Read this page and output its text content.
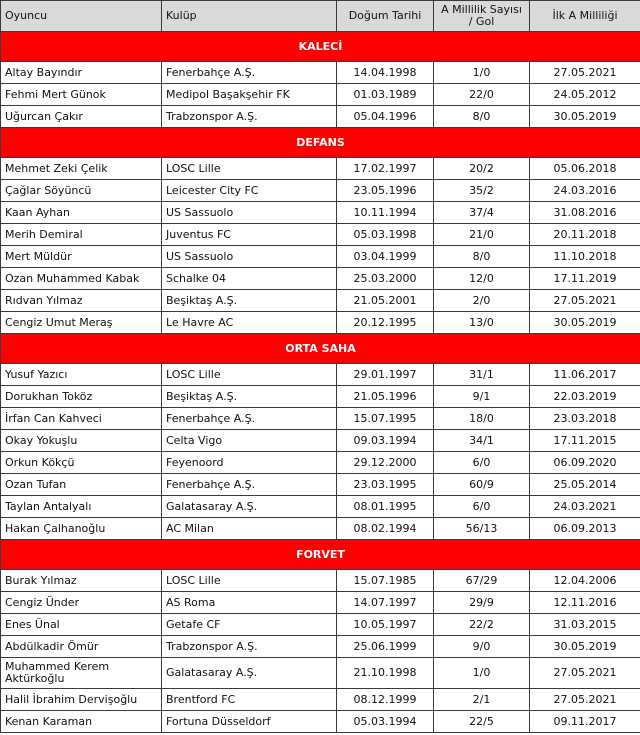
Oyuncu	Kulüp	Doğum Tarihi	A Millilik Sayısı / Gol	İlk A Milliliği
KALECİ				
Altay Bayındır	Fenerbahçe A.Ş.	14.04.1998	1/0	27.05.2021
Fehmi Mert Günok	Medipol Başakşehir FK	01.03.1989	22/0	24.05.2012
Uğurcan Çakır	Trabzonspor A.Ş.	05.04.1996	8/0	30.05.2019
DEFANS				
Mehmet Zeki Çelik	LOSC Lille	17.02.1997	20/2	05.06.2018
Çağlar Söyüncü	Leicester City FC	23.05.1996	35/2	24.03.2016
Kaan Ayhan	US Sassuolo	10.11.1994	37/4	31.08.2016
Merih Demiral	Juventus FC	05.03.1998	21/0	20.11.2018
Mert Müldür	US Sassuolo	03.04.1999	8/0	11.10.2018
Ozan Muhammed Kabak	Schalke 04	25.03.2000	12/0	17.11.2019
Rıdvan Yılmaz	Beşiktaş A.Ş.	21.05.2001	2/0	27.05.2021
Cengiz Umut Meraş	Le Havre AC	20.12.1995	13/0	30.05.2019
ORTA SAHA				
Yusuf Yazıcı	LOSC Lille	29.01.1997	31/1	11.06.2017
Dorukhan Toköz	Beşiktaş A.Ş.	21.05.1996	9/1	22.03.2019
İrfan Can Kahveci	Fenerbahçe A.Ş.	15.07.1995	18/0	23.03.2018
Okay Yokuşlu	Celta Vigo	09.03.1994	34/1	17.11.2015
Orkun Kökçü	Feyenoord	29.12.2000	6/0	06.09.2020
Ozan Tufan	Fenerbahçe A.Ş.	23.03.1995	60/9	25.05.2014
Taylan Antalyalı	Galatasaray A.Ş.	08.01.1995	6/0	24.03.2021
Hakan Çalhanoğlu	AC Milan	08.02.1994	56/13	06.09.2013
FORVET				
Burak Yılmaz	LOSC Lille	15.07.1985	67/29	12.04.2006
Cengiz Ünder	AS Roma	14.07.1997	29/9	12.11.2016
Enes Ünal	Getafe CF	10.05.1997	22/2	31.03.2015
Abdülkadir Ömür	Trabzonspor A.Ş.	25.06.1999	9/0	30.05.2019
Muhammed Kerem Aktürkoğlu	Galatasaray A.Ş.	21.10.1998	1/0	27.05.2021
Halil İbrahim Dervişoğlu	Brentford FC	08.12.1999	2/1	27.05.2021
Kenan Karaman	Fortuna Düsseldorf	05.03.1994	22/5	09.11.2017
